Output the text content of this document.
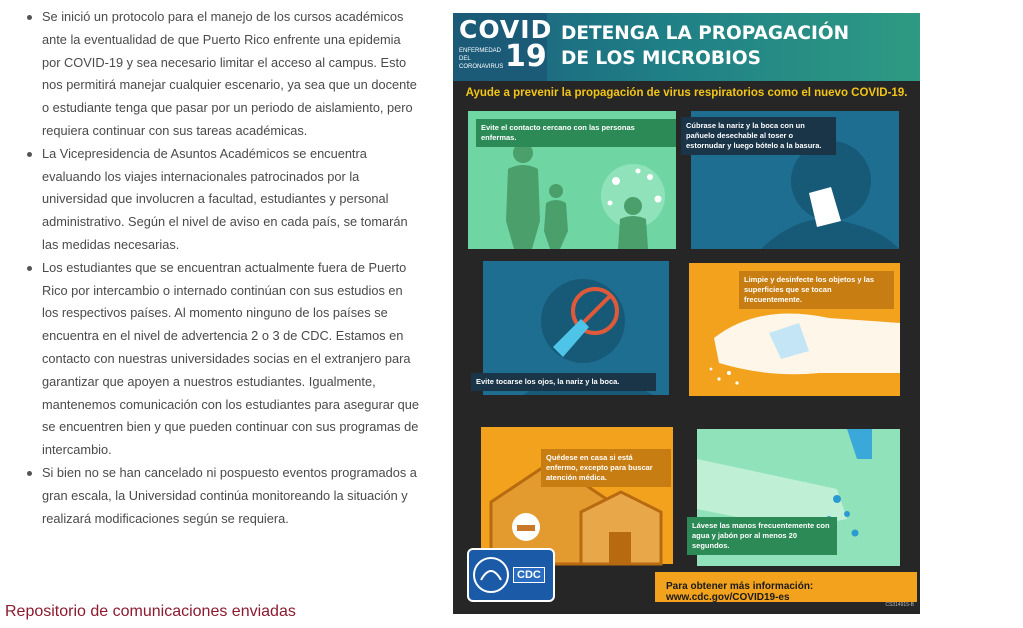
Se inició un protocolo para el manejo de los cursos académicos ante la eventualidad de que Puerto Rico enfrente una epidemia por COVID-19 y sea necesario limitar el acceso al campus. Esto nos permitirá manejar cualquier escenario, ya sea que un docente o estudiante tenga que pasar por un periodo de aislamiento, pero requiera continuar con sus tareas académicas.
La Vicepresidencia de Asuntos Académicos se encuentra evaluando los viajes internacionales patrocinados por la universidad que involucren a facultad, estudiantes y personal administrativo. Según el nivel de aviso en cada país, se tomarán las medidas necesarias.
Los estudiantes que se encuentran actualmente fuera de Puerto Rico por intercambio o internado continúan con sus estudios en los respectivos países. Al momento ninguno de los países se encuentra en el nivel de advertencia 2 o 3 de CDC. Estamos en contacto con nuestras universidades socias en el extranjero para garantizar que apoyen a nuestros estudiantes. Igualmente, mantenemos comunicación con los estudiantes para asegurar que se encuentren bien y que pueden continuar con sus programas de intercambio.
Si bien no se han cancelado ni pospuesto eventos programados a gran escala, la Universidad continúa monitoreando la situación y realizará modificaciones según se requiera.
Repositorio de comunicaciones enviadas
COVID
ENFERMEDAD DEL CORONAVIRUS 19
DETENGA LA PROPAGACIÓN DE LOS MICROBIOS
Ayude a prevenir la propagación de virus respiratorios como el nuevo COVID-19.
Evite el contacto cercano con las personas enfermas.
Cúbrase la nariz y la boca con un pañuelo desechable al toser o estornudar y luego bótelo a la basura.
Evite tocarse los ojos, la nariz y la boca.
Limpie y desinfecte los objetos y las superficies que se tocan frecuentemente.
Quédese en casa si está enfermo, excepto para buscar atención médica.
Lávese las manos frecuentemente con agua y jabón por al menos 20 segundos.
CDC
Para obtener más información: www.cdc.gov/COVID19-es
CS314915-B
